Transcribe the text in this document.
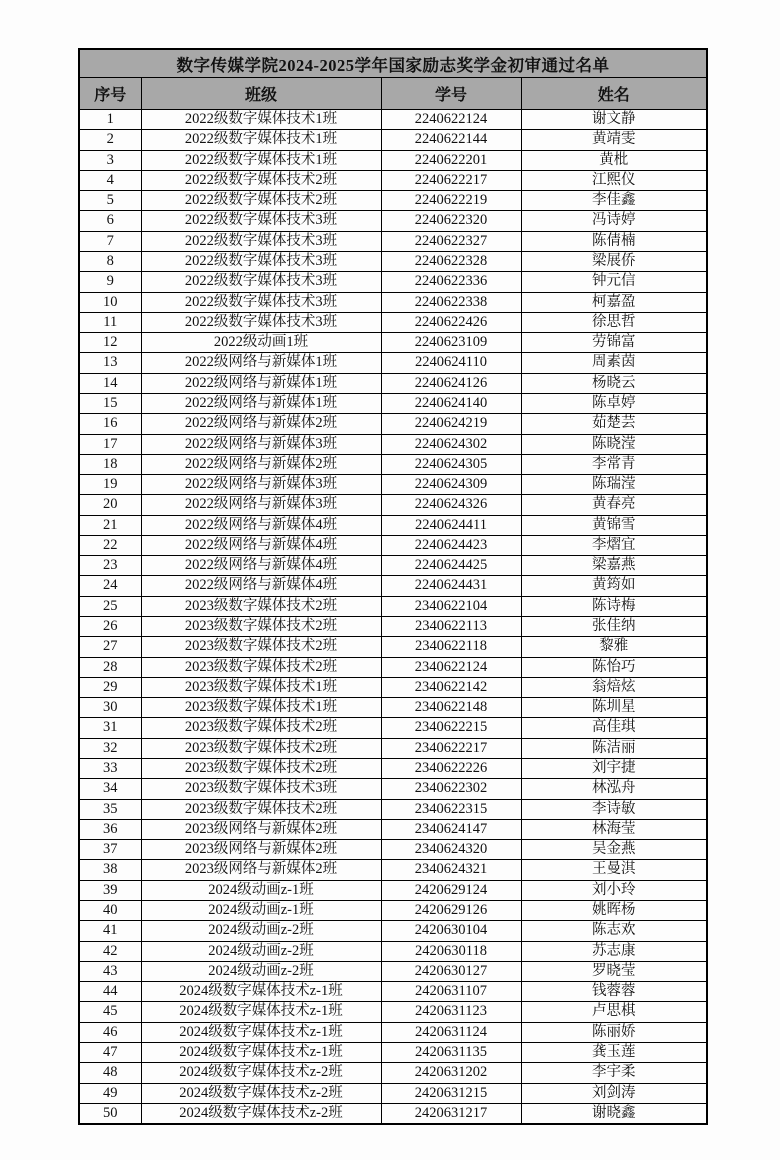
数字传媒学院2024-2025学年国家励志奖学金初审通过名单			
序号	班级	学号	姓名
1	2022级数字媒体技术1班	2240622124	谢文静
2	2022级数字媒体技术1班	2240622144	黄靖雯
3	2022级数字媒体技术1班	2240622201	黄枇
4	2022级数字媒体技术2班	2240622217	江熙仪
5	2022级数字媒体技术2班	2240622219	李佳鑫
6	2022级数字媒体技术3班	2240622320	冯诗婷
7	2022级数字媒体技术3班	2240622327	陈倩楠
8	2022级数字媒体技术3班	2240622328	梁展侨
9	2022级数字媒体技术3班	2240622336	钟元信
10	2022级数字媒体技术3班	2240622338	柯嘉盈
11	2022级数字媒体技术3班	2240622426	徐思哲
12	2022级动画1班	2240623109	劳锦富
13	2022级网络与新媒体1班	2240624110	周素茵
14	2022级网络与新媒体1班	2240624126	杨晓云
15	2022级网络与新媒体1班	2240624140	陈卓婷
16	2022级网络与新媒体2班	2240624219	茹楚芸
17	2022级网络与新媒体3班	2240624302	陈晓滢
18	2022级网络与新媒体2班	2240624305	李常青
19	2022级网络与新媒体3班	2240624309	陈瑞滢
20	2022级网络与新媒体3班	2240624326	黄春亮
21	2022级网络与新媒体4班	2240624411	黄锦雪
22	2022级网络与新媒体4班	2240624423	李熠宜
23	2022级网络与新媒体4班	2240624425	梁嘉燕
24	2022级网络与新媒体4班	2240624431	黄筠如
25	2023级数字媒体技术2班	2340622104	陈诗梅
26	2023级数字媒体技术2班	2340622113	张佳纳
27	2023级数字媒体技术2班	2340622118	黎雅
28	2023级数字媒体技术2班	2340622124	陈怡巧
29	2023级数字媒体技术1班	2340622142	翁焙炫
30	2023级数字媒体技术1班	2340622148	陈圳星
31	2023级数字媒体技术2班	2340622215	高佳琪
32	2023级数字媒体技术2班	2340622217	陈洁丽
33	2023级数字媒体技术2班	2340622226	刘宇捷
34	2023级数字媒体技术3班	2340622302	林泓舟
35	2023级数字媒体技术2班	2340622315	李诗敏
36	2023级网络与新媒体2班	2340624147	林海莹
37	2023级网络与新媒体2班	2340624320	吴金燕
38	2023级网络与新媒体2班	2340624321	王曼淇
39	2024级动画z-1班	2420629124	刘小玲
40	2024级动画z-1班	2420629126	姚晖杨
41	2024级动画z-2班	2420630104	陈志欢
42	2024级动画z-2班	2420630118	苏志康
43	2024级动画z-2班	2420630127	罗晓莹
44	2024级数字媒体技术z-1班	2420631107	钱蓉蓉
45	2024级数字媒体技术z-1班	2420631123	卢思棋
46	2024级数字媒体技术z-1班	2420631124	陈丽娇
47	2024级数字媒体技术z-1班	2420631135	龚玉莲
48	2024级数字媒体技术z-2班	2420631202	李宇柔
49	2024级数字媒体技术z-2班	2420631215	刘剑涛
50	2024级数字媒体技术z-2班	2420631217	谢晓鑫
